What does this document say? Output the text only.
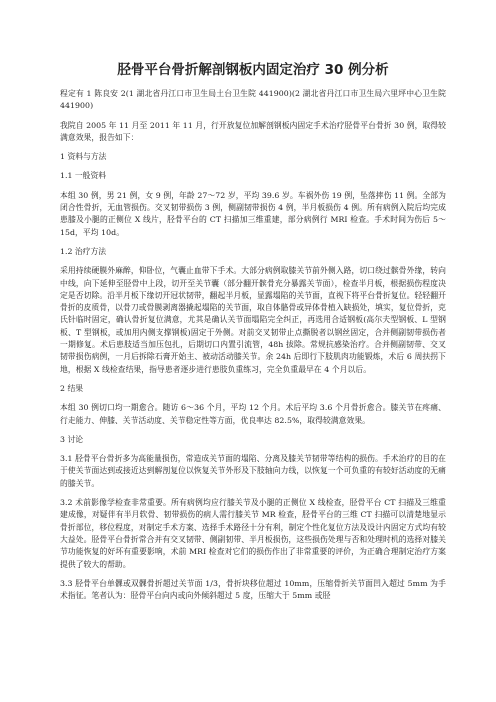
胫骨平台骨折解剖钢板内固定治疗 30 例分析

程定有 1 陈良安 2(1 湖北省丹江口市卫生局土台卫生院 441900)(2 湖北省丹江口市卫生局六里坪中心卫生院 441900)

我院自 2005 年 11 月至 2011 年 11 月，行开放复位加解剖钢板内固定手术治疗胫骨平台骨折 30 例，取得较满意效果，报告如下：

1 资料与方法

1.1 一般资料

本组 30 例，男 21 例，女 9 例，年龄 27～72 岁，平均 39.6 岁。车祸外伤 19 例，坠落摔伤 11 例。全部为闭合性骨折，无血管损伤。交叉韧带损伤 3 例，侧副韧带损伤 4 例，半月板损伤 4 例。所有病例入院后均完成患膝及小腿的正侧位 X 线片，胫骨平台的 CT 扫描加三维重建，部分病例行 MRI 检查。手术时间为伤后 5～15d，平均 10d。

1.2 治疗方法

采用持续硬膜外麻醉，仰卧位，气囊止血带下手术。大部分病例取膝关节前外侧入路，切口绕过髌骨外缘，转向中线，向下延伸至胫骨中上段，切开至关节囊（部分翻开髌骨充分暴露关节面），检查半月板，根据损伤程度决定是否切除。沿半月板下缘切开冠状韧带，翻起半月板，显露塌陷的关节面，直视下将平台骨折复位。轻轻翻开骨折的皮质骨，以骨刀或骨膜剥离器撬起塌陷的关节面，取自体骼骨或异体骨植入缺损处，填实，复位骨折，克氏针临时固定，确认骨折复位满意，尤其是确认关节面塌陷完全纠正，再选用合适钢板(高尔夫型钢板、L 型钢板、T 型钢板，或加用内侧支撑钢板)固定于外侧。对前交叉韧带止点撕脱者以钢丝固定，合并侧副韧带损伤者一期修复。术后患肢适当加压包扎，后期切口内置引流管，48h 拔除。常规抗感染治疗。合并侧副韧带、交叉韧带损伤病例，一月后拆除石膏开始主、被动活动膝关节。余 24h 后即行下肢肌肉功能锻炼，术后 6 周扶拐下地，根据 X 线检查结果，指导患者逐步进行患肢负重练习，完全负重最早在 4 个月以后。

2 结果

本组 30 例切口均一期愈合。随访 6～36 个月，平均 12 个月。术后平均 3.6 个月骨折愈合。膝关节在疼痛、行走能力、伸膝、关节活动度、关节稳定性等方面，优良率达 82.5%，取得较满意效果。

3 讨论

3.1 胫骨平台骨折多为高能量损伤，常造成关节面的塌陷、分离及膝关节韧带等结构的损伤。手术治疗的目的在于使关节面达到或接近达到解剖复位以恢复关节外形及下肢轴向力线，以恢复一个可负重的有较好活动度的无痛的膝关节。

3.2 术前影像学检查非常重要。所有病例均应行膝关节及小腿的正侧位 X 线检查，胫骨平台 CT 扫描及三维重建成像，对疑伴有半月软骨、韧带损伤的病人需行膝关节 MR 检查，胫骨平台的三维 CT 扫描可以清楚地显示骨折部位，移位程度，对制定手术方案、选择手术路径十分有利，制定个性化复位方法及设计内固定方式均有较大益处。胫骨平台骨折常合并有交叉韧带、侧副韧带、半月板损伤，这些损伤处理与否和处理时机的选择对膝关节功能恢复的好坏有重要影响，术前 MRI 检查对它们的损伤作出了非常重要的评价，为正确合理制定治疗方案提供了较大的帮助。

3.3 胫骨平台单髁或双髁骨折超过关节面 1/3，骨折块移位超过 10mm，压缩骨折关节面凹入超过 5mm 为手术指征。笔者认为：胫骨平台向内或向外倾斜超过 5 度，压缩大于 5mm 或胫
